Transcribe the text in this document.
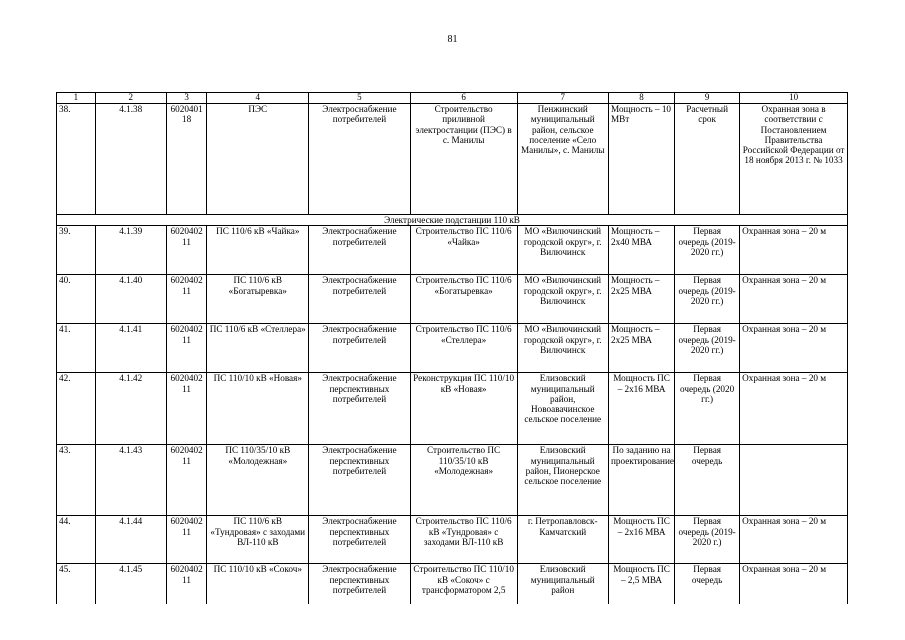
81
1	2	3	4	5	6	7	8	9	10
38.	4.1.38	6020401 18	ПЭС	Электроснабжение потребителей	Строительство приливной электростанции (ПЭС) в с. Манилы	Пенжинский муниципальный район, сельское поселение «Село Манилы», с. Манилы	Мощность – 10 МВт	Расчетный срок	Охранная зона в соответствии с Постановлением Правительства Российской Федерации от 18 ноября 2013 г. № 1033
Электрические подстанции 110 кВ									
39.	4.1.39	6020402 11	ПС 110/6 кВ «Чайка»	Электроснабжение потребителей	Строительство ПС 110/6 «Чайка»	МО «Вилючинский городской округ», г. Вилючинск	Мощность – 2х40 МВА	Первая очередь (2019-2020 гг.)	Охранная зона – 20 м
40.	4.1.40	6020402 11	ПС 110/6 кВ «Богатыревка»	Электроснабжение потребителей	Строительство ПС 110/6 «Богатыревка»	МО «Вилючинский городской округ», г. Вилючинск	Мощность – 2х25 МВА	Первая очередь (2019-2020 гг.)	Охранная зона – 20 м
41.	4.1.41	6020402 11	ПС 110/6 кВ «Стеллера»	Электроснабжение потребителей	Строительство ПС 110/6 «Стеллера»	МО «Вилючинский городской округ», г. Вилючинск	Мощность – 2х25 МВА	Первая очередь (2019-2020 гг.)	Охранная зона – 20 м
42.	4.1.42	6020402 11	ПС 110/10 кВ «Новая»	Электроснабжение перспективных потребителей	Реконструкция ПС 110/10 кВ «Новая»	Елизовский муниципальный район, Новоавачинское сельское поселение	Мощность ПС – 2х16 МВА	Первая очередь (2020 гг.)	Охранная зона – 20 м
43.	4.1.43	6020402 11	ПС 110/35/10 кВ «Молодежная»	Электроснабжение перспективных потребителей	Строительство ПС 110/35/10 кВ «Молодежная»	Елизовский муниципальный район, Пионерское сельское поселение	По заданию на проектирование	Первая очередь	
44.	4.1.44	6020402 11	ПС 110/6 кВ «Тундровая» с заходами ВЛ-110 кВ	Электроснабжение перспективных потребителей	Строительство ПС 110/6 кВ «Тундровая» с заходами ВЛ-110 кВ	г. Петропавловск-Камчатский	Мощность ПС – 2х16 МВА	Первая очередь (2019- 2020 г.)	Охранная зона – 20 м
45.	4.1.45	6020402 11	ПС 110/10 кВ «Сокоч»	Электроснабжение перспективных потребителей	Строительство ПС 110/10 кВ «Сокоч» с трансформатором 2,5	Елизовский муниципальный район	Мощность ПС – 2,5 МВА	Первая очередь	Охранная зона – 20 м
